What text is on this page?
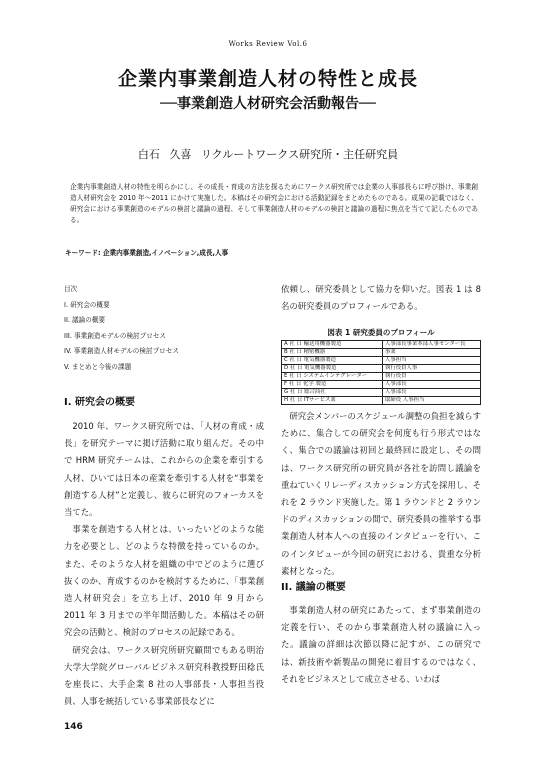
Works Review Vol.6
企業内事業創造人材の特性と成長
──事業創造人材研究会活動報告──
白石 久喜 リクルートワークス研究所・主任研究員
企業内事業創造人材の特性を明らかにし、その成長・育成の方法を探るためにワークス研究所では企業の人事部長らに呼び掛け、事業創造人材研究会を 2010 年〜2011 にかけて実施した。本稿はその研究会における活動記録をまとめたものである。成果の記載ではなく、研究会における事業創造のモデルの検討と議論の過程、そして事業創造人材のモデルの検討と議論の過程に焦点を当てて記したものである。
キーワード: 企業内事業創造,イノベーション,成長,人事
目次
I. 研究会の概要
II. 議論の概要
III. 事業創造モデルの検討プロセス
IV. 事業創造人材モデルの検討プロセス
V. まとめと今後の課題
I. 研究会の概要

2010 年、ワークス研究所では、「人材の育成・成長」を研究テーマに掲げ活動に取り組んだ。その中で HRM 研究チームは、これからの企業を牽引する人材、ひいては日本の産業を牽引する人材を“事業を創造する人材”と定義し、彼らに研究のフォーカスを当てた。

事業を創造する人材とは、いったいどのような能力を必要とし、どのような特徴を持っているのか。また、そのような人材を組織の中でどのように選び抜くのか、育成するのかを検討するために、「事業創造人材研究会」を立ち上げ、2010 年 9 月から 2011 年 3 月までの半年間活動した。本稿はその研究会の活動と、検討のプロセスの記録である。

研究会は、ワークス研究所研究顧問でもある明治大学大学院グローバルビジネス研究科教授野田稔氏を座長に、大手企業 8 社の人事部長・人事担当役員、人事を統括している事業部長などに

依頼し、研究委員として協力を仰いだ。図表 1 は 8 名の研究委員のプロフィールである。
図表 1 研究委員のプロフィール
A 社 日 輸送用機器製造	人事部長事業本部人事センター長
B 社 日 精密機器	事業
C 社 日 電気機器製造	人事担当
D 社 日 電気機器製造	執行役員人事
E 社 日 システムインテグレーター	執行役員
F 社 日 化学 製造	人事部長
G 社 日 総合商社	人事部長
H 社 日 ITサービス業	取締役 人事担当
研究会メンバーのスケジュール調整の負担を減らすために、集合しての研究会を何度も行う形式ではなく、集合での議論は初回と最終回に設定し、その間は、ワークス研究所の研究員が各社を訪問し議論を重ねていくリレーディスカッション方式を採用し、それを 2 ラウンド実施した。第 1 ラウンドと 2 ラウンドのディスカッションの間で、研究委員の推挙する事業創造人材本人への直接のインタビューを行い、このインタビューが今回の研究における、貴重な分析素材となった。
II. 議論の概要
事業創造人材の研究にあたって、まず事業創造の定義を行い、そのから事業創造人材の議論に入った。議論の詳細は次節以降に記すが、この研究では、新技術や新製品の開発に着目するのではなく、それをビジネスとして成立させる、いわば
146
